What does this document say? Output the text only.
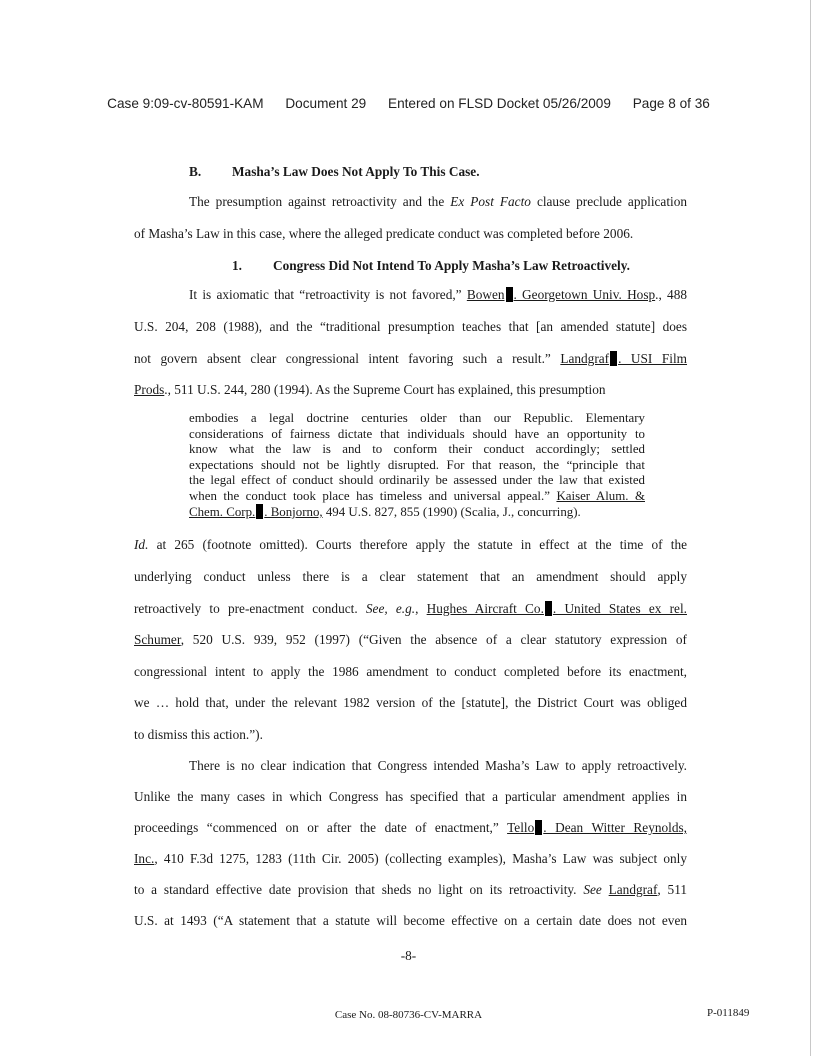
Case 9:09-cv-80591-KAM Document 29 Entered on FLSD Docket 05/26/2009 Page 8 of 36
B. Masha’s Law Does Not Apply To This Case.
The presumption against retroactivity and the Ex Post Facto clause preclude application
of Masha’s Law in this case, where the alleged predicate conduct was completed before 2006.
1. Congress Did Not Intend To Apply Masha’s Law Retroactively.
It is axiomatic that “retroactivity is not favored,” Bowen . Georgetown Univ. Hosp., 488
U.S. 204, 208 (1988), and the “traditional presumption teaches that [an amended statute] does
not govern absent clear congressional intent favoring such a result.” Landgraf . USI Film
Prods., 511 U.S. 244, 280 (1994). As the Supreme Court has explained, this presumption
embodies a legal doctrine centuries older than our Republic. Elementary
considerations of fairness dictate that individuals should have an opportunity to
know what the law is and to conform their conduct accordingly; settled
expectations should not be lightly disrupted. For that reason, the “principle that
the legal effect of conduct should ordinarily be assessed under the law that existed
when the conduct took place has timeless and universal appeal.” Kaiser Alum. &
Chem. Corp. . Bonjorno, 494 U.S. 827, 855 (1990) (Scalia, J., concurring).
Id. at 265 (footnote omitted). Courts therefore apply the statute in effect at the time of the
underlying conduct unless there is a clear statement that an amendment should apply
retroactively to pre-enactment conduct. See, e.g., Hughes Aircraft Co. . United States ex rel.
Schumer, 520 U.S. 939, 952 (1997) (“Given the absence of a clear statutory expression of
congressional intent to apply the 1986 amendment to conduct completed before its enactment,
we … hold that, under the relevant 1982 version of the [statute], the District Court was obliged
to dismiss this action.”).
There is no clear indication that Congress intended Masha’s Law to apply retroactively.
Unlike the many cases in which Congress has specified that a particular amendment applies in
proceedings “commenced on or after the date of enactment,” Tello . Dean Witter Reynolds,
Inc., 410 F.3d 1275, 1283 (11th Cir. 2005) (collecting examples), Masha’s Law was subject only
to a standard effective date provision that sheds no light on its retroactivity. See Landgraf, 511
U.S. at 1493 (“A statement that a statute will become effective on a certain date does not even
-8-
Case No. 08-80736-CV-MARRA	P-011849
